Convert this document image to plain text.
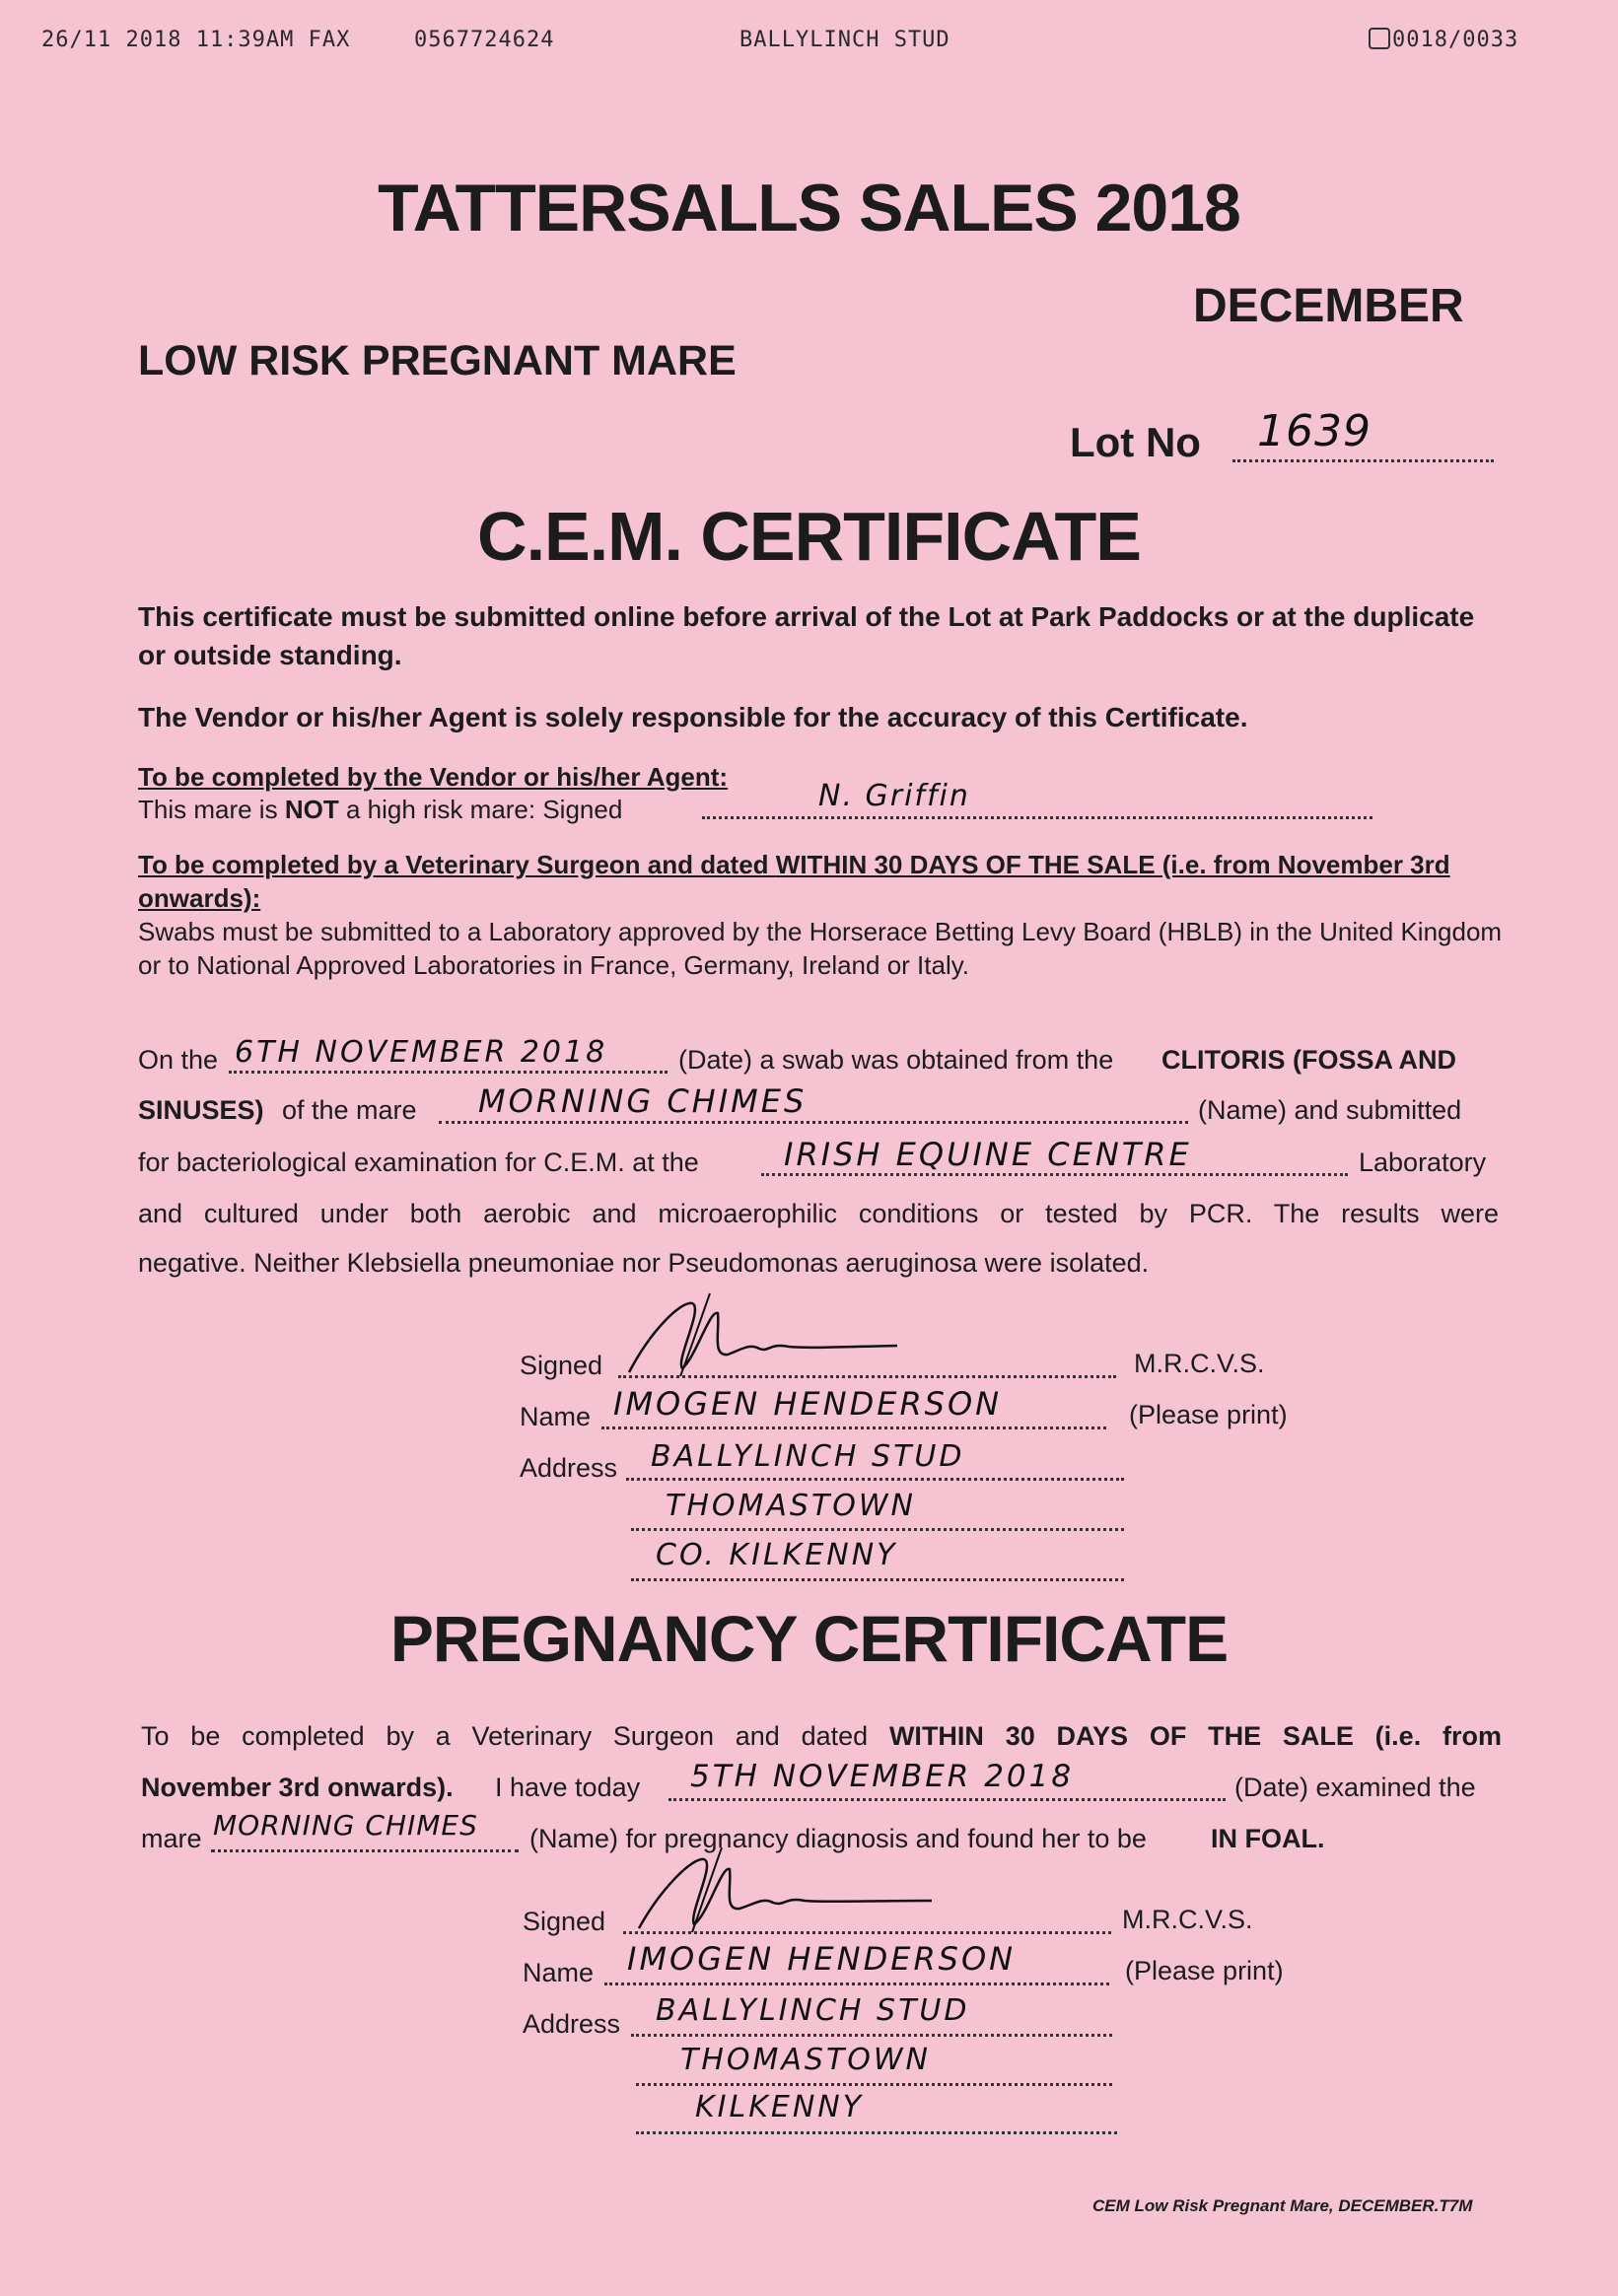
26/11 2018 11:39AM FAX	0567724624	BALLYLINCH STUD	0018/0033
TATTERSALLS SALES 2018
DECEMBER
LOW RISK PREGNANT MARE
Lot No 1639
C.E.M. CERTIFICATE
This certificate must be submitted online before arrival of the Lot at Park Paddocks or at the duplicate or outside standing.
The Vendor or his/her Agent is solely responsible for the accuracy of this Certificate.
To be completed by the Vendor or his/her Agent:
This mare is NOT a high risk mare: Signed	N. Griffin
To be completed by a Veterinary Surgeon and dated WITHIN 30 DAYS OF THE SALE (i.e. from November 3rd onwards):
Swabs must be submitted to a Laboratory approved by the Horserace Betting Levy Board (HBLB) in the United Kingdom or to National Approved Laboratories in France, Germany, Ireland or Italy.
On the 6TH NOVEMBER 2018	(Date) a swab was obtained from the CLITORIS (FOSSA AND
SINUSES) of the mare MORNING CHIMES	(Name) and submitted
for bacteriological examination for C.E.M. at the	IRISH EQUINE CENTRE	Laboratory
and cultured under both aerobic and microaerophilic conditions or tested by PCR. The results were
negative. Neither Klebsiella pneumoniae nor Pseudomonas aeruginosa were isolated.
Signed	M.R.C.V.S.
Name IMOGEN HENDERSON	(Please print)
Address BALLYLINCH STUD
THOMASTOWN
CO. KILKENNY
PREGNANCY CERTIFICATE
To be completed by a Veterinary Surgeon and dated WITHIN 30 DAYS OF THE SALE (i.e. from
November 3rd onwards). I have today 5TH NOVEMBER 2018	(Date) examined the
mare MORNING CHIMES (Name) for pregnancy diagnosis and found her to be IN FOAL.
Signed	M.R.C.V.S.
Name IMOGEN HENDERSON	(Please print)
Address BALLYLINCH STUD
THOMASTOWN
KILKENNY
CEM Low Risk Pregnant Mare, DECEMBER.T7M
